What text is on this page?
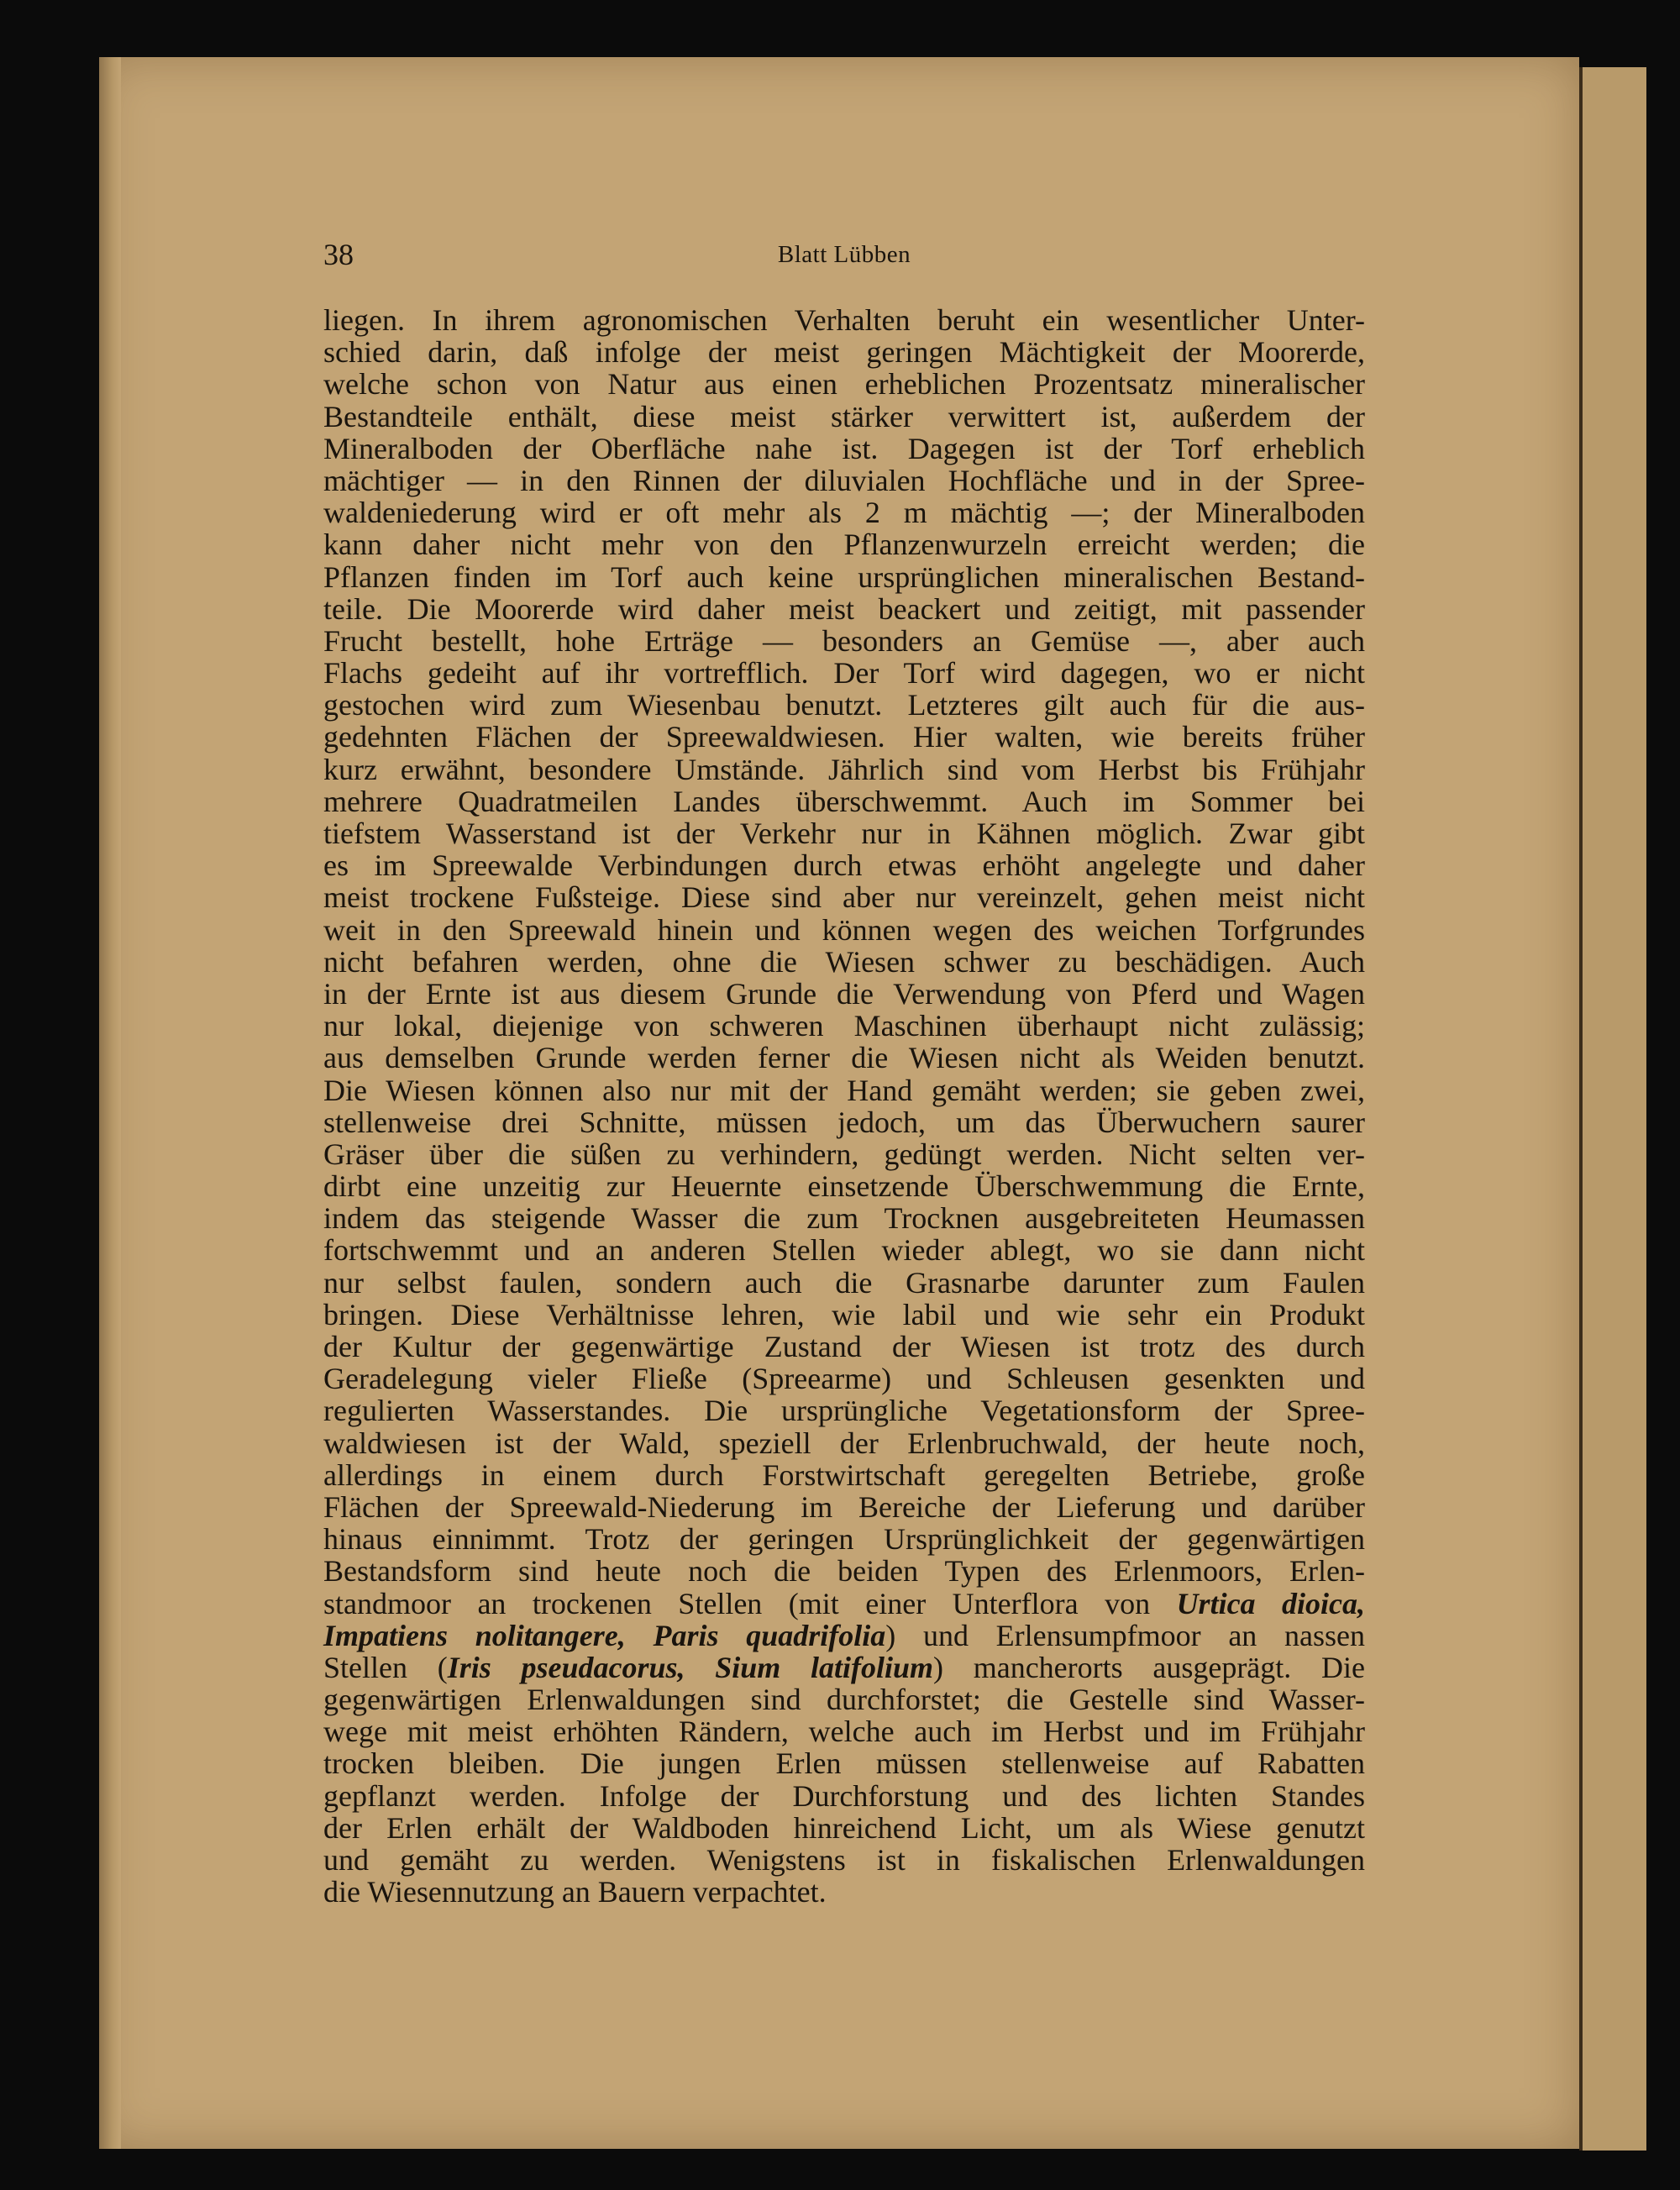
38	Blatt Lübben
liegen. In ihrem agronomischen Verhalten beruht ein wesentlicher Unter-
schied darin, daß infolge der meist geringen Mächtigkeit der Moorerde,
welche schon von Natur aus einen erheblichen Prozentsatz mineralischer
Bestandteile enthält, diese meist stärker verwittert ist, außerdem der
Mineralboden der Oberfläche nahe ist. Dagegen ist der Torf erheblich
mächtiger — in den Rinnen der diluvialen Hochfläche und in der Spree-
waldeniederung wird er oft mehr als 2 m mächtig —; der Mineralboden
kann daher nicht mehr von den Pflanzenwurzeln erreicht werden; die
Pflanzen finden im Torf auch keine ursprünglichen mineralischen Bestand-
teile. Die Moorerde wird daher meist beackert und zeitigt, mit passender
Frucht bestellt, hohe Erträge — besonders an Gemüse —, aber auch
Flachs gedeiht auf ihr vortrefflich. Der Torf wird dagegen, wo er nicht
gestochen wird zum Wiesenbau benutzt. Letzteres gilt auch für die aus-
gedehnten Flächen der Spreewaldwiesen. Hier walten, wie bereits früher
kurz erwähnt, besondere Umstände. Jährlich sind vom Herbst bis Frühjahr
mehrere Quadratmeilen Landes überschwemmt. Auch im Sommer bei
tiefstem Wasserstand ist der Verkehr nur in Kähnen möglich. Zwar gibt
es im Spreewalde Verbindungen durch etwas erhöht angelegte und daher
meist trockene Fußsteige. Diese sind aber nur vereinzelt, gehen meist nicht
weit in den Spreewald hinein und können wegen des weichen Torfgrundes
nicht befahren werden, ohne die Wiesen schwer zu beschädigen. Auch
in der Ernte ist aus diesem Grunde die Verwendung von Pferd und Wagen
nur lokal, diejenige von schweren Maschinen überhaupt nicht zulässig;
aus demselben Grunde werden ferner die Wiesen nicht als Weiden benutzt.
Die Wiesen können also nur mit der Hand gemäht werden; sie geben zwei,
stellenweise drei Schnitte, müssen jedoch, um das Überwuchern saurer
Gräser über die süßen zu verhindern, gedüngt werden. Nicht selten ver-
dirbt eine unzeitig zur Heuernte einsetzende Überschwemmung die Ernte,
indem das steigende Wasser die zum Trocknen ausgebreiteten Heumassen
fortschwemmt und an anderen Stellen wieder ablegt, wo sie dann nicht
nur selbst faulen, sondern auch die Grasnarbe darunter zum Faulen
bringen. Diese Verhältnisse lehren, wie labil und wie sehr ein Produkt
der Kultur der gegenwärtige Zustand der Wiesen ist trotz des durch
Geradelegung vieler Fließe (Spreearme) und Schleusen gesenkten und
regulierten Wasserstandes. Die ursprüngliche Vegetationsform der Spree-
waldwiesen ist der Wald, speziell der Erlenbruchwald, der heute noch,
allerdings in einem durch Forstwirtschaft geregelten Betriebe, große
Flächen der Spreewald-Niederung im Bereiche der Lieferung und darüber
hinaus einnimmt. Trotz der geringen Ursprünglichkeit der gegenwärtigen
Bestandsform sind heute noch die beiden Typen des Erlenmoors, Erlen-
standmoor an trockenen Stellen (mit einer Unterflora von Urtica dioica,
Impatiens nolitangere, Paris quadrifolia) und Erlensumpfmoor an nassen
Stellen (Iris pseudacorus, Sium latifolium) mancherorts ausgeprägt. Die
gegenwärtigen Erlenwaldungen sind durchforstet; die Gestelle sind Wasser-
wege mit meist erhöhten Rändern, welche auch im Herbst und im Frühjahr
trocken bleiben. Die jungen Erlen müssen stellenweise auf Rabatten
gepflanzt werden. Infolge der Durchforstung und des lichten Standes
der Erlen erhält der Waldboden hinreichend Licht, um als Wiese genutzt
und gemäht zu werden. Wenigstens ist in fiskalischen Erlenwaldungen
die Wiesennutzung an Bauern verpachtet.
